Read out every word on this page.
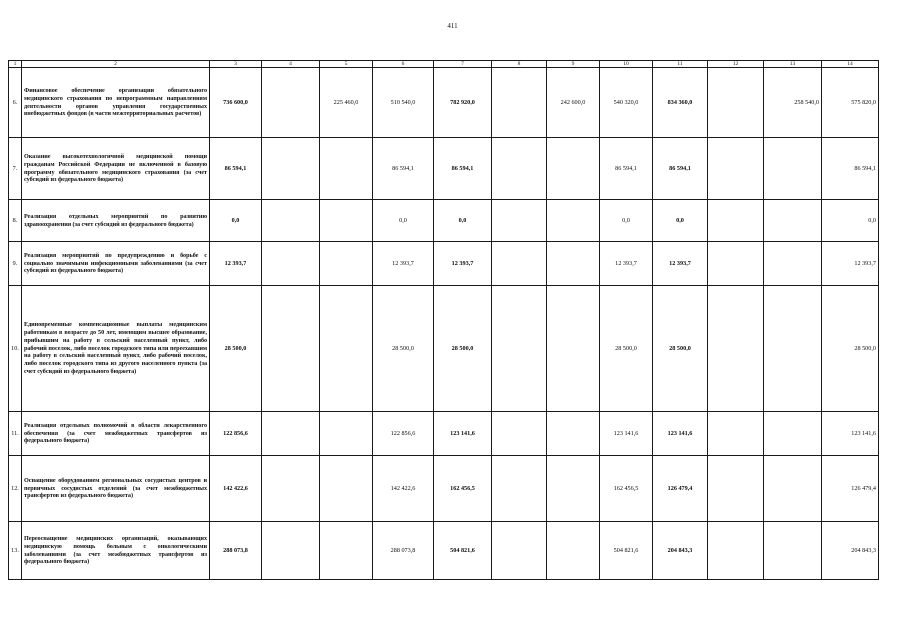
411
1	2	3	4	5	6	7	8	9	10	11	12	13	14
6.	Финансовое обеспечение организации обязательного медицинского страхования по непрограммным направлениям деятельности органов управления государственных внебюджетных фондов (в части межтерриториальных расчетов)	736 600,0		225 460,0	510 540,0	782 920,0		242 600,0	540 320,0	834 360,0		258 540,0	575 820,0
7.	Оказание высокотехнологичной медицинской помощи гражданам Российской Федерации не включенной в базовую программу обязательного медицинского страхования (за счет субсидий из федерального бюджета)	86 594,1			86 594,1	86 594,1			86 594,1	86 594,1			86 594,1
8.	Реализация отдельных мероприятий по развитию здравоохранения (за счет субсидий из федерального бюджета)	0,0			0,0	0,0			0,0	0,0			0,0
9.	Реализация мероприятий по предупреждению и борьбе с социально значимыми инфекционными заболеваниями (за счет субсидий из федерального бюджета)	12 393,7			12 393,7	12 393,7			12 393,7	12 393,7			12 393,7
10.	Единовременные компенсационные выплаты медицинским работникам в возрасте до 50 лет, имеющим высшее образование, прибывшим на работу в сельский населенный пункт, либо рабочий поселок, либо поселок городского типа или переехавшим на работу в сельский населенный пункт, либо рабочий поселок, либо поселок городского типа из другого населенного пункта (за счет субсидий из федерального бюджета)	28 500,0			28 500,0	28 500,0			28 500,0	28 500,0			28 500,0
11.	Реализация отдельных полномочий в области лекарственного обеспечения (за счет межбюджетных трансфертов из федерального бюджета)	122 856,6			122 856,6	123 141,6			123 141,6	123 141,6			123 141,6
12.	Оснащение оборудованием региональных сосудистых центров и первичных сосудистых отделений (за счет межбюджетных трансфертов из федерального бюджета)	142 422,6			142 422,6	162 456,5			162 456,5	126 479,4			126 479,4
13.	Переоснащение медицинских организаций, оказывающих медицинскую помощь больным с онкологическими заболеваниями (за счет межбюджетных трансфертов из федерального бюджета)	288 073,8			288 073,8	504 821,6			504 821,6	204 843,3			204 843,3
